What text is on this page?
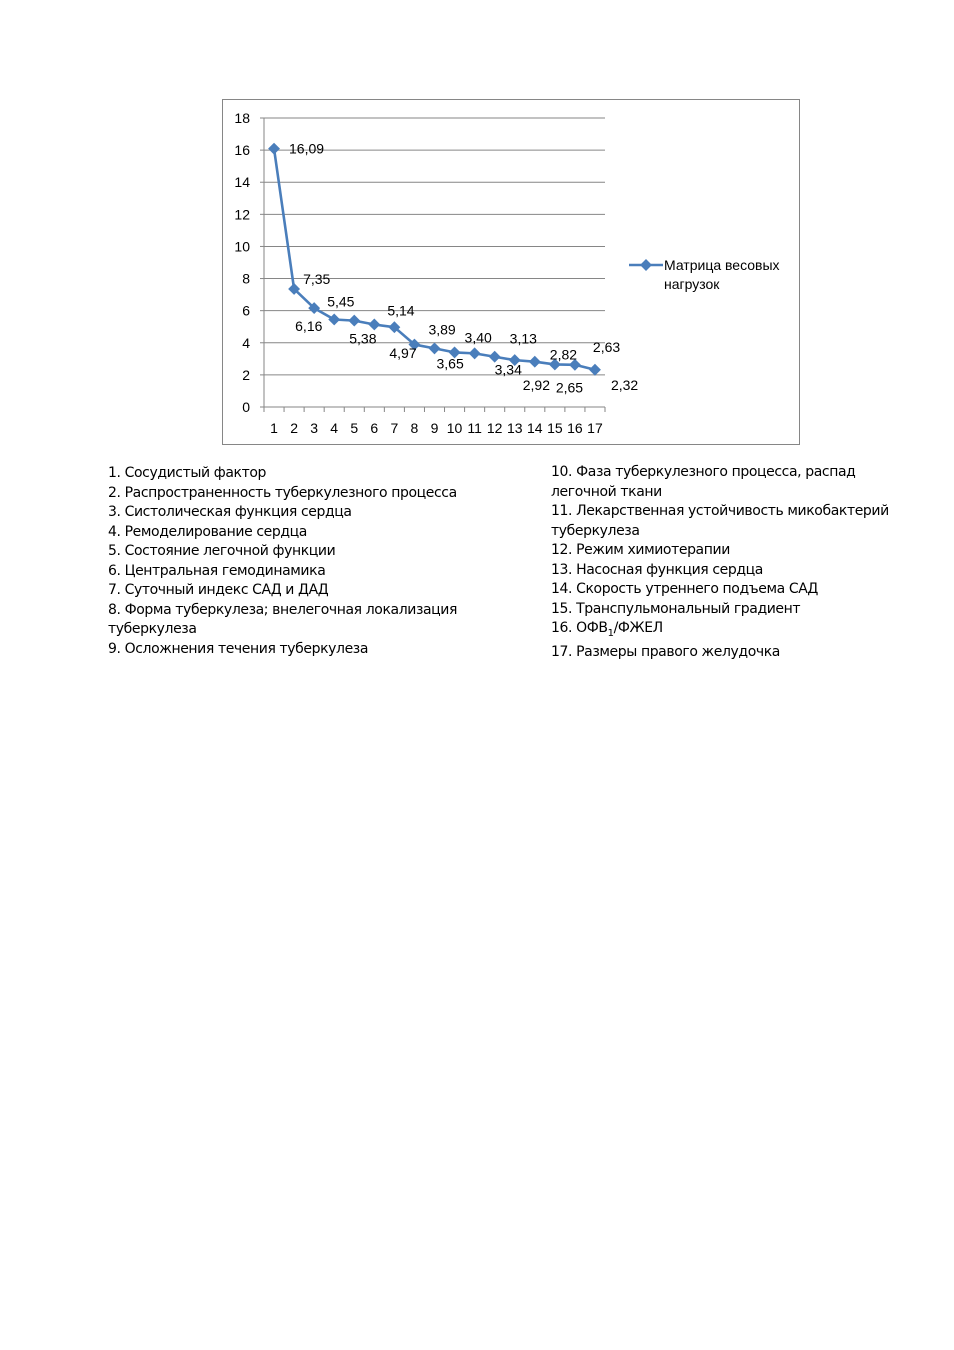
0
2
4
6
8
10
12
14
16
18
1 2 3 4 5 6 7 8 9 10 11 12 13 14 15 16 17
16,09
7,35
6,16
5,45
5,38
5,14
4,97
3,89
3,65
3,40
3,34
3,13
2,92
2,82
2,65
2,63
2,32
Матрица весовых
нагрузок

1. Сосудистый фактор

2. Распространенность туберкулезного процесса

3. Систолическая функция сердца

4. Ремоделирование сердца

5. Состояние легочной функции

6. Центральная гемодинамика

7. Суточный индекс САД и ДАД

8. Форма туберкулеза; внелегочная локализация туберкулеза

9. Осложнения течения туберкулеза

10. Фаза туберкулезного процесса, распад легочной ткани

11. Лекарственная устойчивость микобактерий туберкулеза

12. Режим химиотерапии

13. Насосная функция сердца

14. Скорость утреннего подъема САД

15. Транспульмональный градиент

16. $ОФВ_1$/ФЖЕЛ

17. Размеры правого желудочка
